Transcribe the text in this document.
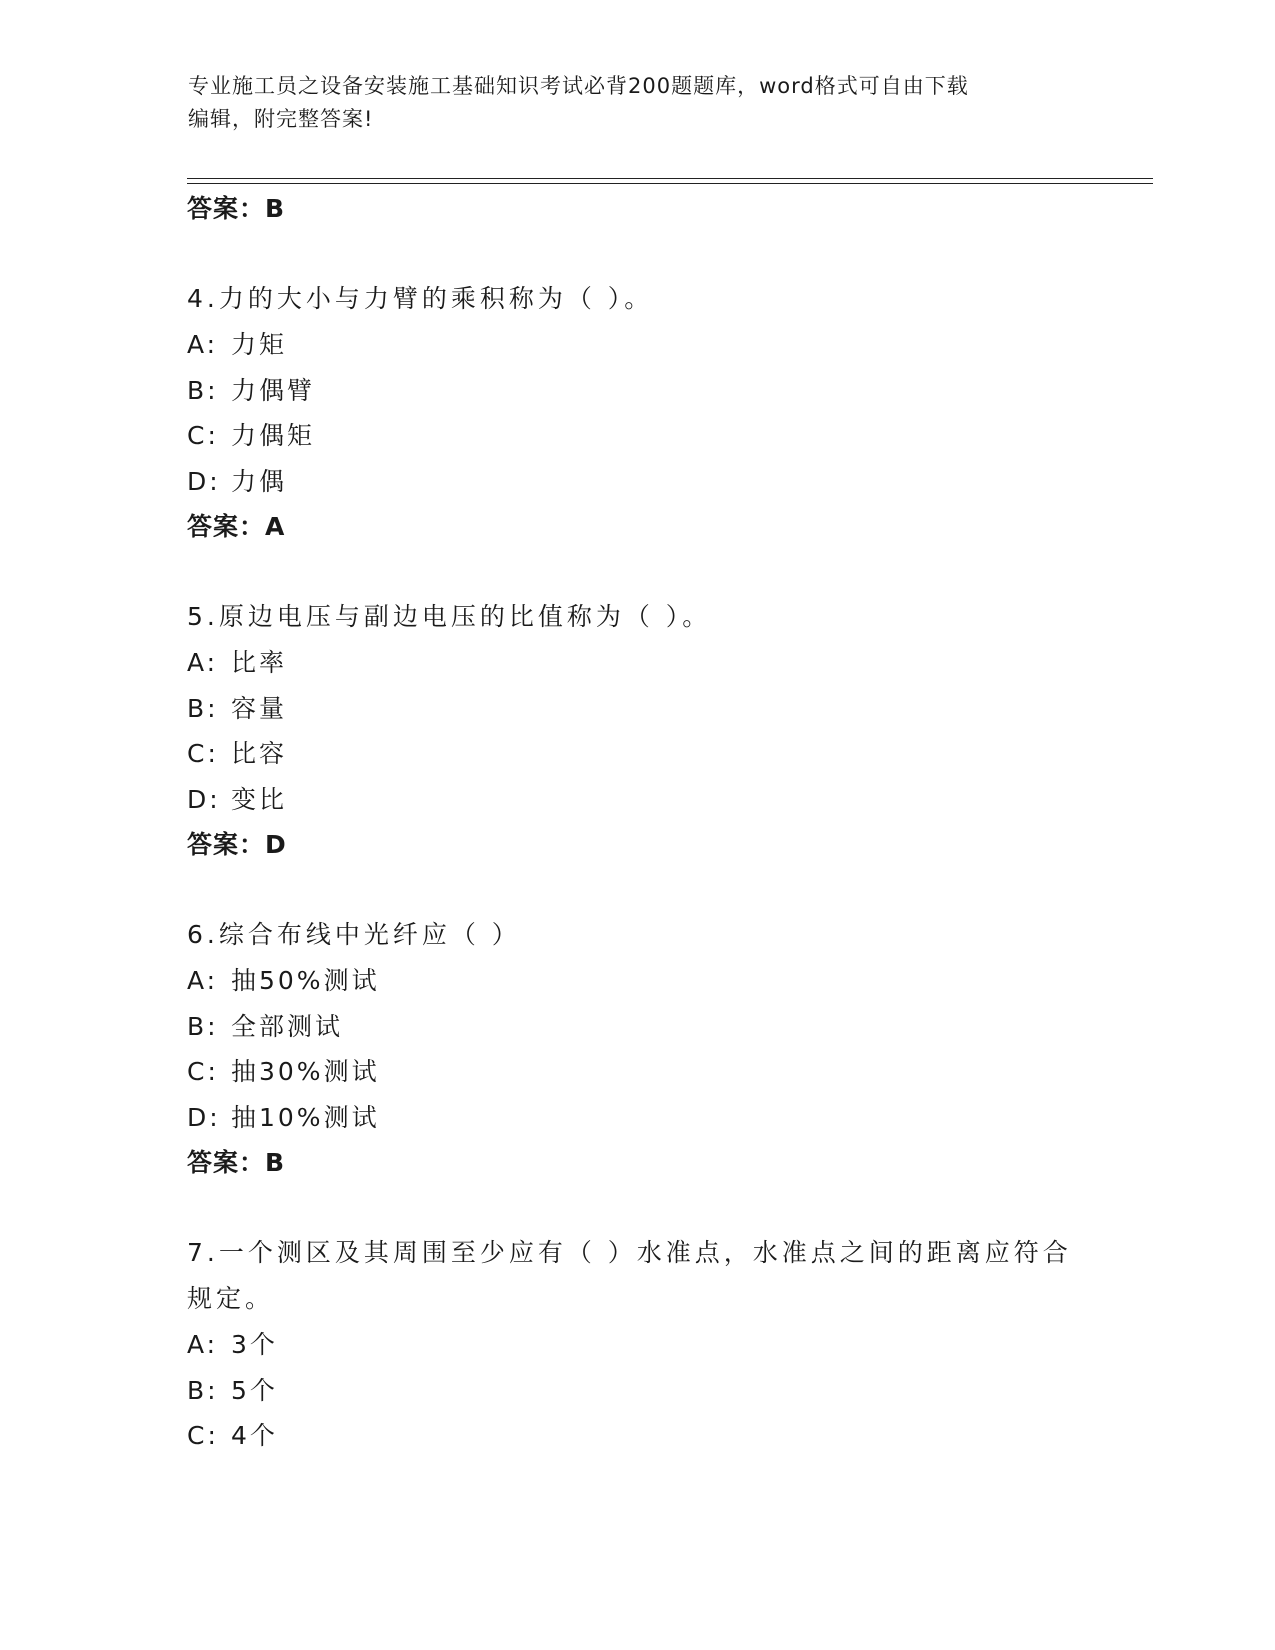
专业施工员之设备安装施工基础知识考试必背200题题库，word格式可自由下载
编辑，附完整答案!
答案：B
4.力的大小与力臂的乘积称为（ ）。
A: 力矩
B: 力偶臂
C: 力偶矩
D: 力偶
答案：A
5.原边电压与副边电压的比值称为（ ）。
A: 比率
B: 容量
C: 比容
D: 变比
答案：D
6.综合布线中光纤应（ ）
A: 抽50%测试
B: 全部测试
C: 抽30%测试
D: 抽10%测试
答案：B
7.一个测区及其周围至少应有（ ）水准点，水准点之间的距离应符合
规定。
A: 3个
B: 5个
C: 4个
